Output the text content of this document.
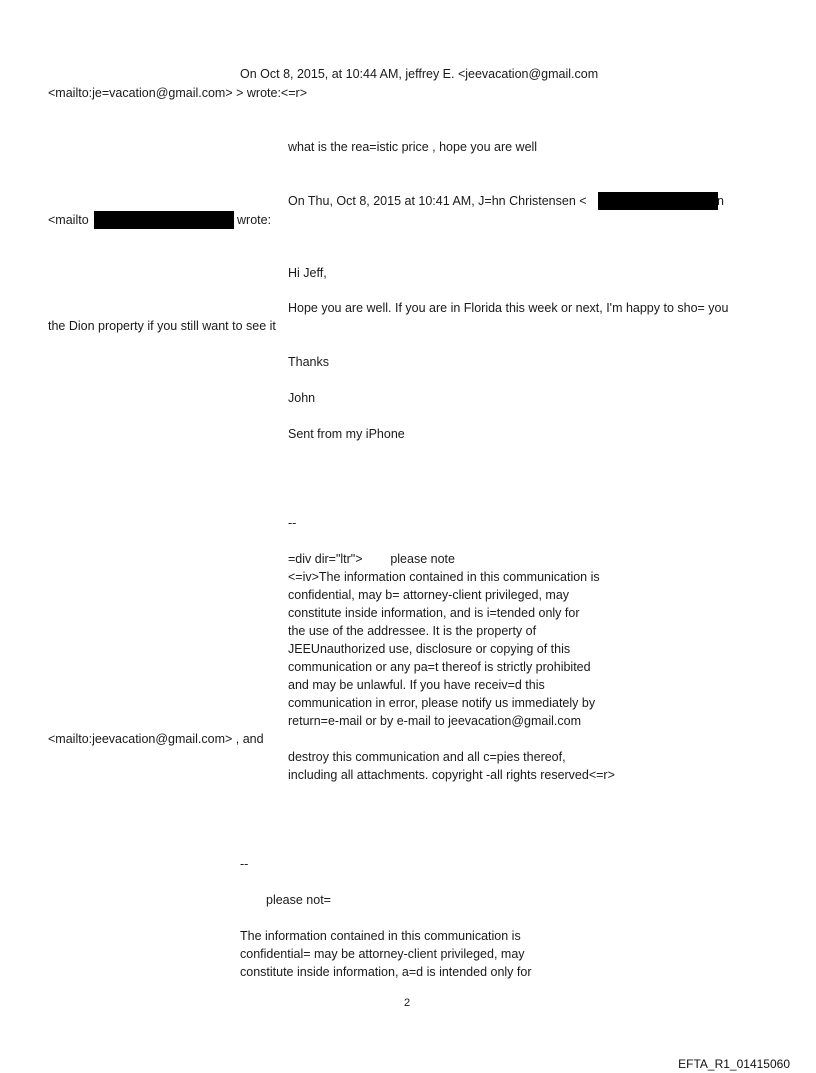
On Oct 8, 2015, at 10:44 AM, jeffrey E. <jeevacation@gmail.com
<mailto:je=vacation@gmail.com> > wrote:<=r>
what is the rea=istic price , hope you are well
On Thu, Oct 8, 2015 at 10:41 AM, J=hn Christensen <	n
<mailto	wrote:
Hi Jeff,
Hope you are well. If you are in Florida this week or next, I'm happy to sho= you
the Dion property if you still want to see it
Thanks
John
Sent from my iPhone
--
=div dir="ltr">        please note
<=iv>The information contained in this communication is
confidential, may b= attorney-client privileged, may
constitute inside information, and is i=tended only for
the use of the addressee. It is the property of
JEEUnauthorized use, disclosure or copying of this
communication or any pa=t thereof is strictly prohibited
and may be unlawful. If you have receiv=d this
communication in error, please notify us immediately by
return=e-mail or by e-mail to jeevacation@gmail.com
<mailto:jeevacation@gmail.com> , and
destroy this communication and all c=pies thereof,
including all attachments. copyright -all rights reserved<=r>
--
please not=
The information contained in this communication is
confidential= may be attorney-client privileged, may
constitute inside information, a=d is intended only for
2
EFTA_R1_01415060
